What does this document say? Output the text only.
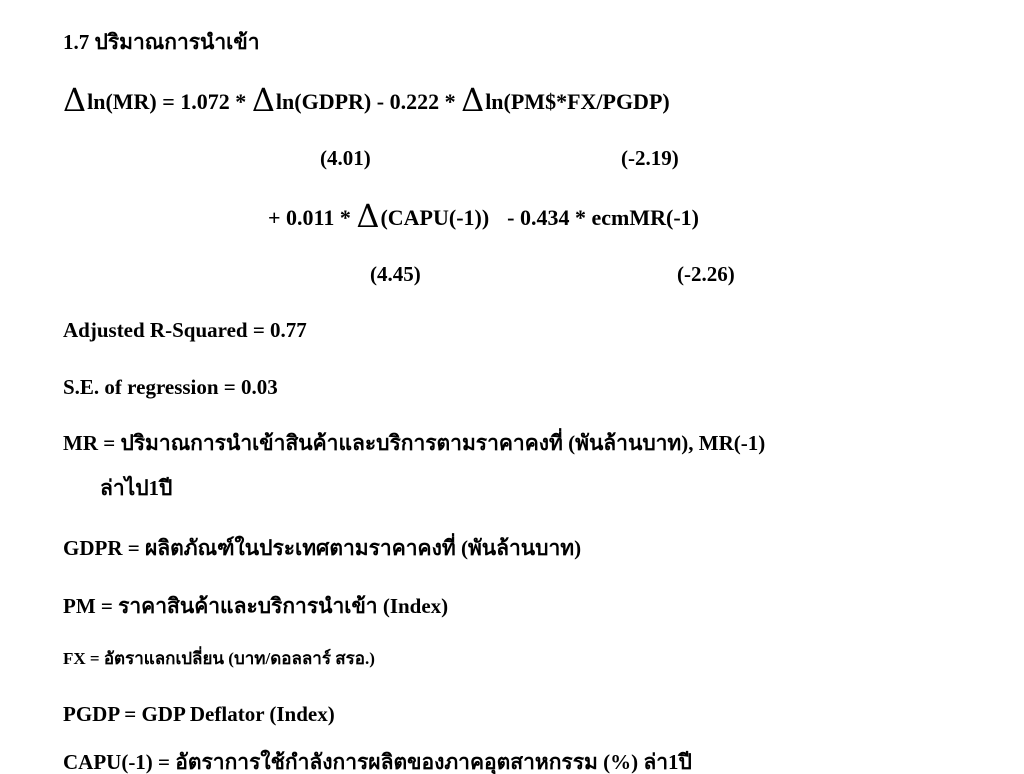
1.7 ปริมาณการนำเข้า
Δln(MR) = 1.072 * Δln(GDPR) - 0.222 * Δln(PM$*FX/PGDP)
(4.01)	(-2.19)
+ 0.011 * Δ(CAPU(-1)) - 0.434 * ecmMR(-1)
(4.45)	(-2.26)
Adjusted R-Squared = 0.77
S.E. of regression = 0.03
MR = ปริมาณการนำเข้าสินค้าและบริการตามราคาคงที่ (พันล้านบาท), MR(-1)
ล่าไป1ปี
GDPR = ผลิตภัณฑ์ในประเทศตามราคาคงที่ (พันล้านบาท)
PM = ราคาสินค้าและบริการนำเข้า (Index)
FX = อัตราแลกเปลี่ยน (บาท/ดอลลาร์ สรอ.)
PGDP = GDP Deflator (Index)
CAPU(-1) = อัตราการใช้กำลังการผลิตของภาคอุตสาหกรรม (%) ล่า1ปี
